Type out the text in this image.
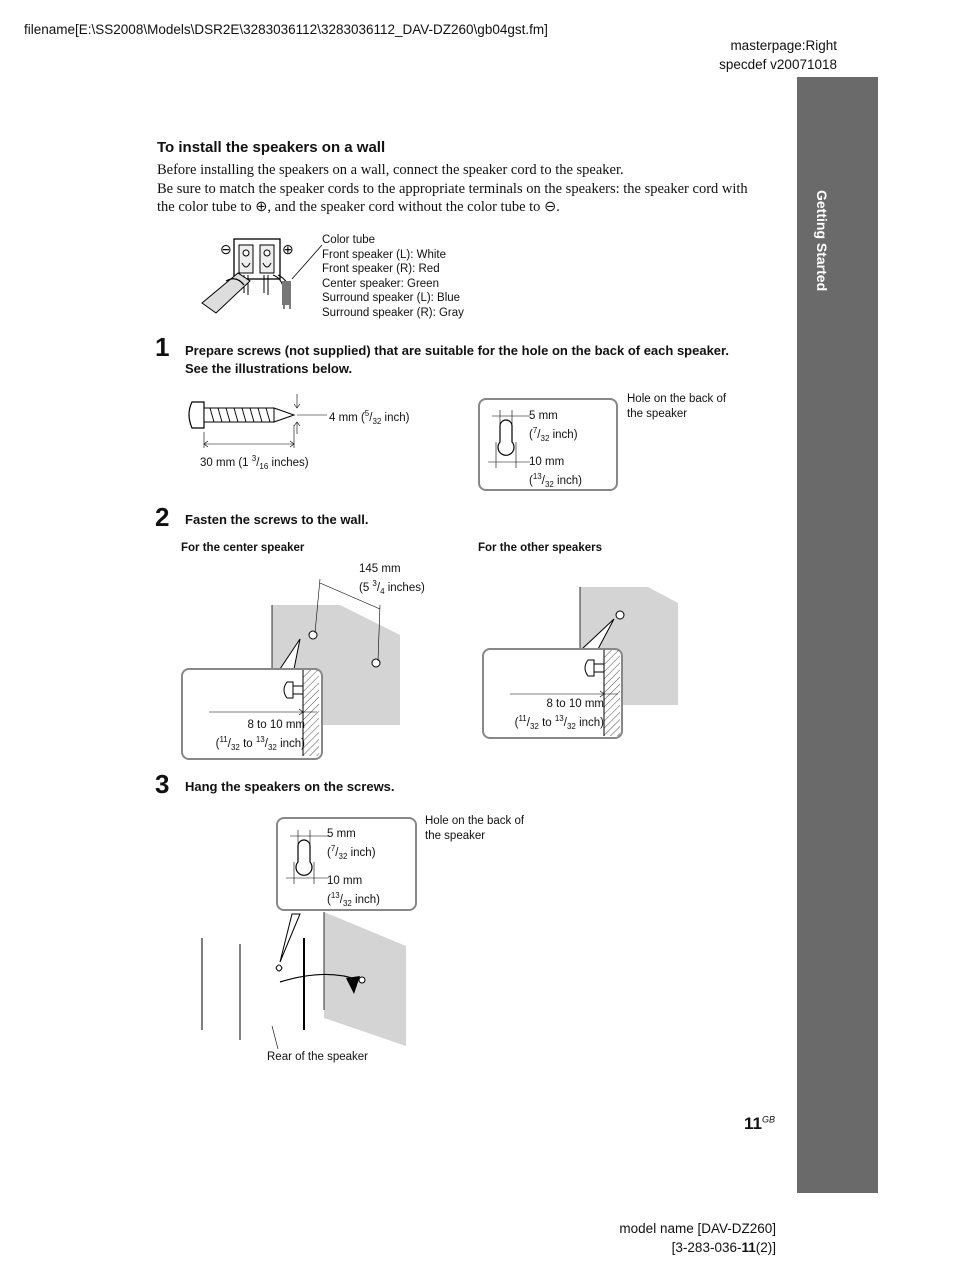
filename[E:\SS2008\Models\DSR2E\3283036112\3283036112_DAV-DZ260\gb04gst.fm]
masterpage:Right
specdef v20071018
Getting Started
To install the speakers on a wall
Before installing the speakers on a wall, connect the speaker cord to the speaker.
Be sure to match the speaker cords to the appropriate terminals on the speakers: the speaker cord with
the color tube to ⊕, and the speaker cord without the color tube to ⊖.
⊖	⊕
Color tube
Front speaker (L): White
Front speaker (R): Red
Center speaker: Green
Surround speaker (L): Blue
Surround speaker (R): Gray
1 Prepare screws (not supplied) that are suitable for the hole on the back of each speaker.
See the illustrations below.
4 mm ($^5/_{32}$ inch)
30 mm (1 $^3/_{16}$ inches)
5 mm
($^7/_{32}$ inch)
10 mm
($^{13}/_{32}$ inch)
Hole on the back of
the speaker
2 Fasten the screws to the wall.
For the center speaker	For the other speakers
8 to 10 mm
($^{11}/_{32}$ to $^{13}/_{32}$ inch)
145 mm
(5 $^3/_4$ inches)
8 to 10 mm
($^{11}/_{32}$ to $^{13}/_{32}$ inch)
3 Hang the speakers on the screws.
5 mm
($^7/_{32}$ inch)
10 mm
($^{13}/_{32}$ inch)
Hole on the back of
the speaker
Rear of the speaker
$11^{GB}$
model name [DAV-DZ260]
[3-283-036-11(2)]
